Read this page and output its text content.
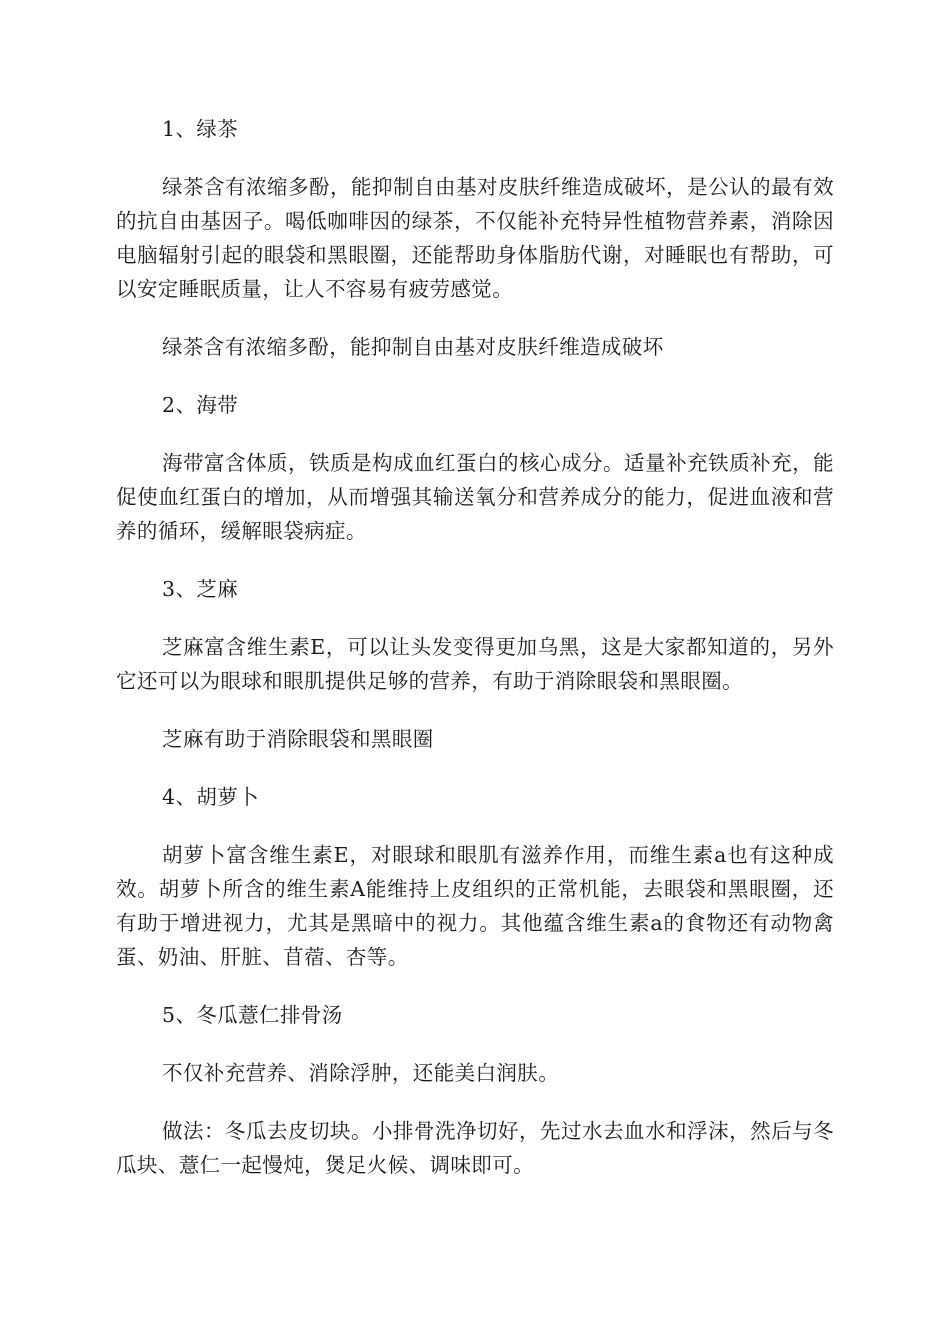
1、绿茶

绿茶含有浓缩多酚，能抑制自由基对皮肤纤维造成破坏，是公认的最有效的抗自由基因子。喝低咖啡因的绿茶，不仅能补充特异性植物营养素，消除因电脑辐射引起的眼袋和黑眼圈，还能帮助身体脂肪代谢，对睡眠也有帮助，可以安定睡眠质量，让人不容易有疲劳感觉。

绿茶含有浓缩多酚，能抑制自由基对皮肤纤维造成破坏

2、海带

海带富含体质，铁质是构成血红蛋白的核心成分。适量补充铁质补充，能促使血红蛋白的增加，从而增强其输送氧分和营养成分的能力，促进血液和营养的循环，缓解眼袋病症。

3、芝麻

芝麻富含维生素E，可以让头发变得更加乌黑，这是大家都知道的，另外它还可以为眼球和眼肌提供足够的营养，有助于消除眼袋和黑眼圈。

芝麻有助于消除眼袋和黑眼圈

4、胡萝卜

胡萝卜富含维生素E，对眼球和眼肌有滋养作用，而维生素a也有这种成效。胡萝卜所含的维生素A能维持上皮组织的正常机能，去眼袋和黑眼圈，还有助于增进视力，尤其是黑暗中的视力。其他蕴含维生素a的食物还有动物禽蛋、奶油、肝脏、苜蓿、杏等。

5、冬瓜薏仁排骨汤

不仅补充营养、消除浮肿，还能美白润肤。

做法：冬瓜去皮切块。小排骨洗净切好，先过水去血水和浮沫，然后与冬瓜块、薏仁一起慢炖，煲足火候、调味即可。
